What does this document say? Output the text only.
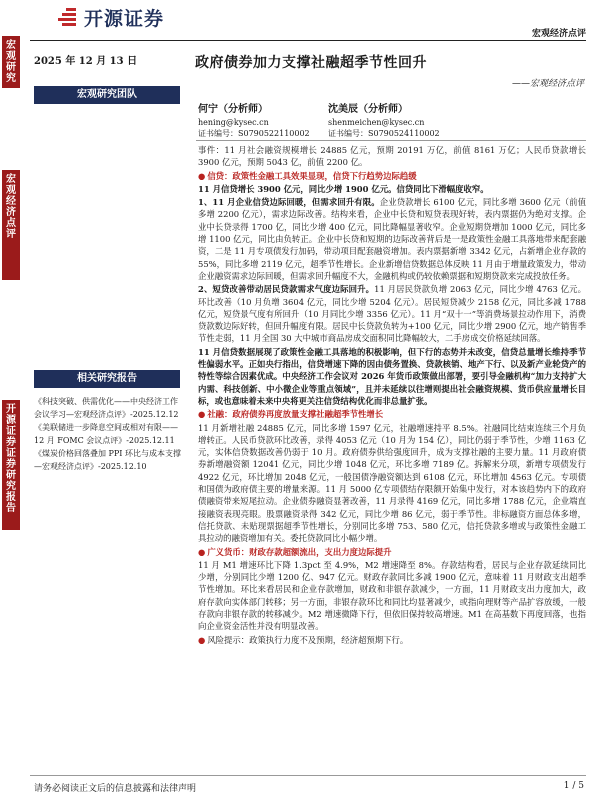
宏观研究
宏观经济点评
开源证券 证券研究报告
开源证券
宏观经济点评
2025 年 12 月 13 日	政府债券加力支撑社融超季节性回升
——宏观经济点评
宏观研究团队
何宁（分析师）
hening@kysec.cn
证书编号：S0790522110002
沈美辰（分析师）
shenmeichen@kysec.cn
证书编号：S0790524110002
相关研究报告
《科技突破、供需优化——中央经济工作会议学习—宏观经济点评》-2025.12.12
《美联储进一步降息空间或相对有限——12 月 FOMC 会议点评》-2025.12.11
《煤炭价格回落叠加 PPI 环比与成本支撑—宏观经济点评》-2025.12.10
事件：11 月社会融资规模增长 24885 亿元，预期 20191 万亿，前值 8161 万亿；人民币贷款增长 3900 亿元，预期 5043 亿，前值 2200 亿。
● 信贷：政策性金融工具效果显现，信贷下行趋势边际趋缓
11 月信贷增长 3900 亿元，同比少增 1900 亿元。信贷同比下滑幅度收窄。
1、11 月企业信贷边际回暖，但需求回升有限。企业贷款增长 6100 亿元，同比多增 3600 亿元（前值多增 2200 亿元），需求边际改善。结构来看，企业中长贷和短贷表现好转，表内票据仍为绝对支撑。企业中长贷录得 1700 亿，同比少增 400 亿元，同比降幅显著收窄。企业短期贷增加 1000 亿元，同比多增 1100 亿元，同比由负转正。企业中长贷和短期的边际改善背后是一是政策性金融工具落地带来配套融资，二是 11 月专项债发行加码，带动项目配套融资增加。表内票据新增 3342 亿元，占新增企业存款的 55%，同比多增 2119 亿元，超季节性增长。企业新增信贷数据总体反映 11 月由于增量政策发力，带动企业融资需求边际回暖，但需求回升幅度不大，金融机构或仍较依赖票据和短期贷款来完成投放任务。
2、短贷改善带动居民贷款需求气度边际回升。11 月居民贷款负增 2063 亿元，同比少增 4763 亿元。环比改善（10 月负增 3604 亿元，同比少增 5204 亿元）。居民短贷减少 2158 亿元，同比多减 1788 亿元，短贷景气度有所回升（10 月同比少增 3356 亿元）。11 月“双十一”等消费场景拉动作用下，消费贷款数边际好转，但回升幅度有限。居民中长贷款负转为+100 亿元，同比少增 2900 亿元，地产销售季节性走弱，11 月全国 30 大中城市商品房成交面积同比降幅较大，二手房成交价格延续回落。
11 月信贷数据展现了政策性金融工具落地的积极影响，但下行的态势并未改变，信贷总量增长维持季节性偏弱水平。正如央行指出，信贷增速下降的因由债务置换、贷款核销、地产下行、以及新产业轮贷产的特性等综合因素优成。中央经济工作会议对 2026 年货币政策做出部署，要引导金融机构“加力支持扩大内需、科技创新、中小微企业等重点领域”，且并未延续以往增则提出社会融资规模、货币供应量增长目标，或也意味着未来中央将更关注信贷结构优化而非总量扩张。
● 社融：政府债券再度放量支撑社融超季节性增长
11 月新增社融 24885 亿元，同比多增 1597 亿元，社融增速持平 8.5%。社融同比结束连续三个月负增转正。人民币贷款环比改善，录得 4053 亿元（10 月为 154 亿），同比仍弱于季节性，少增 1163 亿元，实体信贷数据改善仍弱于 10 月。政府债券供给强度回升，成为支撑社融的主要力量。11 月政府债券新增融资额 12041 亿元，同比少增 1048 亿元，环比多增 7189 亿。拆解来分项，新增专项债发行 4922 亿元，环比增加 2048 亿元，一般国债净融资额达到 6108 亿元，环比增加 4563 亿元。专项债和国债为政府债主要的增量来源。11 月 5000 亿专项债结存限额开始集中发行，对本该趋势内下的政府债融资带来短尾拉动。企业债券融资显著改善，11 月录得 4169 亿元，同比多增 1788 亿元，企业端直接融资表现亮眼。股票融资录得 342 亿元，同比少增 86 亿元，弱于季节性。非标融资方面总体多增，信托贷款、未贴现票据超季节性增长，分别同比多增 753、580 亿元，信托贷款多增或与政策性金融工具拉动的融资增加有关。委托贷款同比小幅少增。
● 广义货币：财政存款超额流出，支出力度边际提升
11 月 M1 增速环比下降 1.3pct 至 4.9%，M2 增速降至 8%。存款结构看，居民与企业存款延续同比少增，分别同比少增 1200 亿、947 亿元。财政存款同比多减 1900 亿元，意味着 11 月财政支出超季节性增加。环比来看居民和企业存款增加，财政和非银存款减少，一方面，11 月财政支出力度加大，政府存款向实体部门转移；另一方面，非银存款环比和同比均显著减少，或指向理财等产品扩容放缓，一般存款向非银存款的转移减少。M2 增速微降下行，但依旧保持较高增速。M1 在高基数下再度回落，也指向企业资金活性并没有明显改善。
● 风险提示：政策执行力度不及预期，经济超预期下行。
请务必阅读正文后的信息披露和法律声明	1 / 5
